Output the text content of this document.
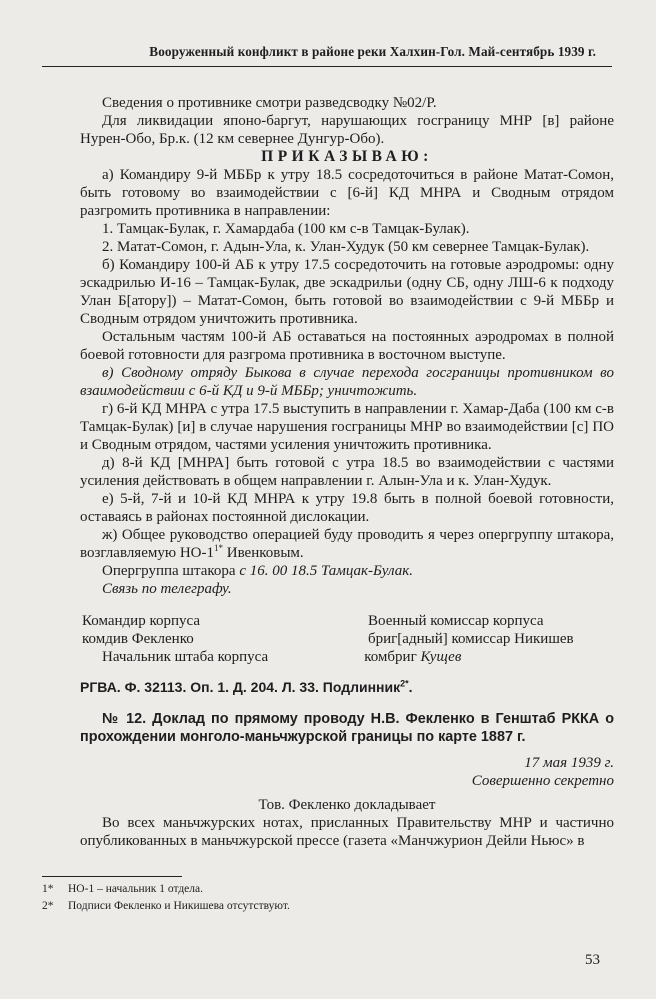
Вооруженный конфликт в районе реки Халхин-Гол. Май-сентябрь 1939 г.

Сведения о противнике смотри разведсводку №02/Р.

Для ликвидации японо-баргут, нарушающих госграницу МНР [в] районе Нурен-Обо, Бр.к. (12 км севернее Дунгур-Обо).

ПРИКАЗЫВАЮ:

а) Командиру 9-й МББр к утру 18.5 сосредоточиться в районе Матат-Сомон, быть готовому во взаимодействии с [6-й] КД МНРА и Сводным отрядом разгромить противника в направлении:

1. Тамцак-Булак, г. Хамардаба (100 км с-в Тамцак-Булак).

2. Матат-Сомон, г. Адын-Ула, к. Улан-Худук (50 км севернее Тамцак-Булак).

б) Командиру 100-й АБ к утру 17.5 сосредоточить на готовые аэродромы: одну эскадрилью И-16 – Тамцак-Булак, две эскадрильи (одну СБ, одну ЛШ-6 к подходу Улан Б[атору]) – Матат-Сомон, быть готовой во взаимодействии с 9-й МББр и Сводным отрядом уничтожить противника.

Остальным частям 100-й АБ оставаться на постоянных аэродромах в полной боевой готовности для разгрома противника в восточном выступе.

в) Сводному отряду Быкова в случае перехода госграницы противником во взаимодействии с 6-й КД и 9-й МББр; уничтожить.

г) 6-й КД МНРА с утра 17.5 выступить в направлении г. Хамар-Даба (100 км с-в Тамцак-Булак) [и] в случае нарушения госграницы МНР во взаимодействии [с] ПО и Сводным отрядом, частями усиления уничтожить противника.

д) 8-й КД [МНРА] быть готовой с утра 18.5 во взаимодействии с частями усиления действовать в общем направлении г. Алын-Ула и к. Улан-Худук.

е) 5-й, 7-й и 10-й КД МНРА к утру 19.8 быть в полной боевой готовности, оставаясь в районах постоянной дислокации.

ж) Общее руководство операцией буду проводить я через опергруппу штакора, возглавляемую $НО-1^{1*}$ Ивенковым.

Опергруппа штакора с 16. 00 18.5 Тамцак-Булак.

Связь по телеграфу.

Командир корпуса	Военный комиссар корпуса
комдив Фекленко	бриг[адный] комиссар Никишев

Начальник штаба корпуса	комбриг Кущев

РГВА. Ф. 32113. Оп. 1. Д. 204. Л. 33. Подлинник$^{2*}$.

№ 12. Доклад по прямому проводу Н.В. Фекленко в Генштаб РККА о прохождении монголо-маньчжурской границы по карте 1887 г.

17 мая 1939 г.

Совершенно секретно

Тов. Фекленко докладывает

Во всех маньчжурских нотах, присланных Правительству МНР и частично опубликованных в маньчжурской прессе (газета «Манчжурион Дейли Ньюс» в

1* НО-1 – начальник 1 отдела.

2* Подписи Фекленко и Никишева отсутствуют.

53
